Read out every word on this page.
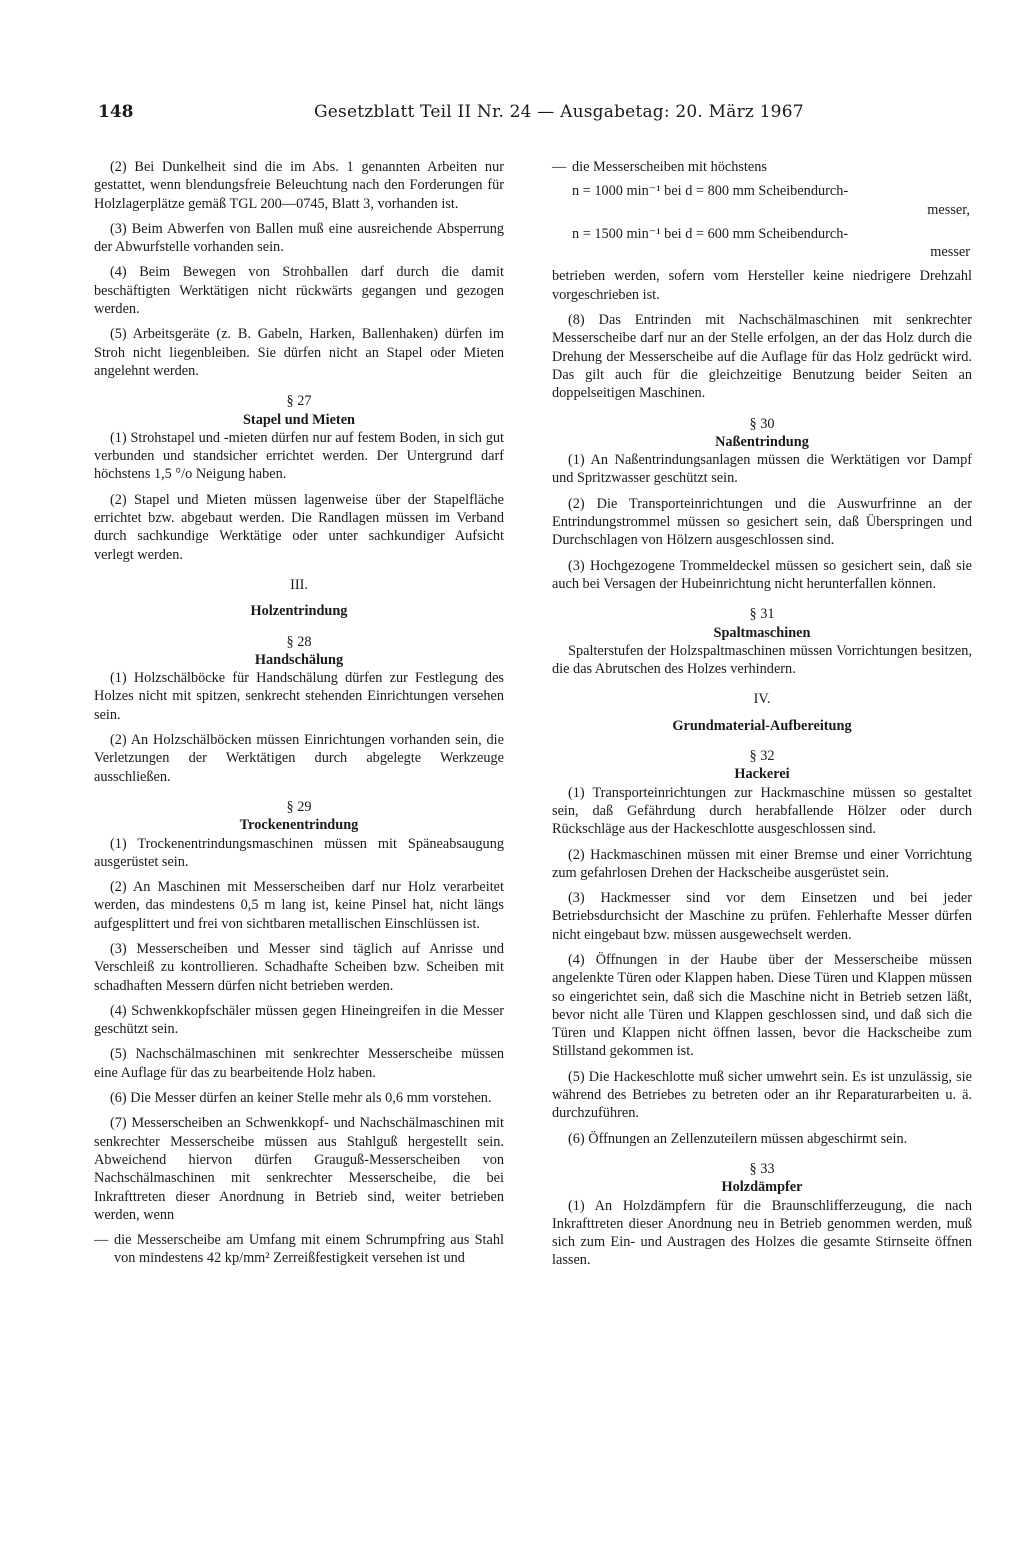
148	Gesetzblatt Teil II Nr. 24 — Ausgabetag: 20. März 1967

(2) Bei Dunkelheit sind die im Abs. 1 genannten Arbeiten nur gestattet, wenn blendungsfreie Beleuchtung nach den Forderungen für Holzlagerplätze gemäß TGL 200—0745, Blatt 3, vorhanden ist.

(3) Beim Abwerfen von Ballen muß eine ausreichende Absperrung der Abwurfstelle vorhanden sein.

(4) Beim Bewegen von Strohballen darf durch die damit beschäftigten Werktätigen nicht rückwärts gegangen und gezogen werden.

(5) Arbeitsgeräte (z. B. Gabeln, Harken, Ballenhaken) dürfen im Stroh nicht liegenbleiben. Sie dürfen nicht an Stapel oder Mieten angelehnt werden.

§ 27
Stapel und Mieten

(1) Strohstapel und -mieten dürfen nur auf festem Boden, in sich gut verbunden und standsicher errichtet werden. Der Untergrund darf höchstens 1,5 °/o Neigung haben.

(2) Stapel und Mieten müssen lagenweise über der Stapelfläche errichtet bzw. abgebaut werden. Die Randlagen müssen im Verband durch sachkundige Werktätige oder unter sachkundiger Aufsicht verlegt werden.

III.
Holzentrindung
§ 28
Handschälung

(1) Holzschälböcke für Handschälung dürfen zur Festlegung des Holzes nicht mit spitzen, senkrecht stehenden Einrichtungen versehen sein.

(2) An Holzschälböcken müssen Einrichtungen vorhanden sein, die Verletzungen der Werktätigen durch abgelegte Werkzeuge ausschließen.

§ 29
Trockenentrindung

(1) Trockenentrindungsmaschinen müssen mit Späneabsaugung ausgerüstet sein.

(2) An Maschinen mit Messerscheiben darf nur Holz verarbeitet werden, das mindestens 0,5 m lang ist, keine Pinsel hat, nicht längs aufgesplittert und frei von sichtbaren metallischen Einschlüssen ist.

(3) Messerscheiben und Messer sind täglich auf Anrisse und Verschleiß zu kontrollieren. Schadhafte Scheiben bzw. Scheiben mit schadhaften Messern dürfen nicht betrieben werden.

(4) Schwenkkopfschäler müssen gegen Hineingreifen in die Messer geschützt sein.

(5) Nachschälmaschinen mit senkrechter Messerscheibe müssen eine Auflage für das zu bearbeitende Holz haben.

(6) Die Messer dürfen an keiner Stelle mehr als 0,6 mm vorstehen.

(7) Messerscheiben an Schwenkkopf- und Nachschälmaschinen mit senkrechter Messerscheibe müssen aus Stahlguß hergestellt sein. Abweichend hiervon dürfen Grauguß-Messerscheiben von Nachschälmaschinen mit senkrechter Messerscheibe, die bei Inkrafttreten dieser Anordnung in Betrieb sind, weiter betrieben werden, wenn

— die Messerscheibe am Umfang mit einem Schrumpfring aus Stahl von mindestens 42 kp/mm² Zerreißfestigkeit versehen ist und
— die Messerscheiben mit höchstens
n = 1000 min⁻¹ bei d = 800 mm Scheibendurch-
messer,
n = 1500 min⁻¹ bei d = 600 mm Scheibendurch-
messer

betrieben werden, sofern vom Hersteller keine niedrigere Drehzahl vorgeschrieben ist.

(8) Das Entrinden mit Nachschälmaschinen mit senkrechter Messerscheibe darf nur an der Stelle erfolgen, an der das Holz durch die Drehung der Messerscheibe auf die Auflage für das Holz gedrückt wird. Das gilt auch für die gleichzeitige Benutzung beider Seiten an doppelseitigen Maschinen.

§ 30
Naßentrindung

(1) An Naßentrindungsanlagen müssen die Werktätigen vor Dampf und Spritzwasser geschützt sein.

(2) Die Transporteinrichtungen und die Auswurfrinne an der Entrindungstrommel müssen so gesichert sein, daß Überspringen und Durchschlagen von Hölzern ausgeschlossen sind.

(3) Hochgezogene Trommeldeckel müssen so gesichert sein, daß sie auch bei Versagen der Hubeinrichtung nicht herunterfallen können.

§ 31
Spaltmaschinen

Spalterstufen der Holzspaltmaschinen müssen Vorrichtungen besitzen, die das Abrutschen des Holzes verhindern.

IV.
Grundmaterial-Aufbereitung
§ 32
Hackerei

(1) Transporteinrichtungen zur Hackmaschine müssen so gestaltet sein, daß Gefährdung durch herabfallende Hölzer oder durch Rückschläge aus der Hackeschlotte ausgeschlossen sind.

(2) Hackmaschinen müssen mit einer Bremse und einer Vorrichtung zum gefahrlosen Drehen der Hackscheibe ausgerüstet sein.

(3) Hackmesser sind vor dem Einsetzen und bei jeder Betriebsdurchsicht der Maschine zu prüfen. Fehlerhafte Messer dürfen nicht eingebaut bzw. müssen ausgewechselt werden.

(4) Öffnungen in der Haube über der Messerscheibe müssen angelenkte Türen oder Klappen haben. Diese Türen und Klappen müssen so eingerichtet sein, daß sich die Maschine nicht in Betrieb setzen läßt, bevor nicht alle Türen und Klappen geschlossen sind, und daß sich die Türen und Klappen nicht öffnen lassen, bevor die Hackscheibe zum Stillstand gekommen ist.

(5) Die Hackeschlotte muß sicher umwehrt sein. Es ist unzulässig, sie während des Betriebes zu betreten oder an ihr Reparaturarbeiten u. ä. durchzuführen.

(6) Öffnungen an Zellenzuteilern müssen abgeschirmt sein.

§ 33
Holzdämpfer

(1) An Holzdämpfern für die Braunschlifferzeugung, die nach Inkrafttreten dieser Anordnung neu in Betrieb genommen werden, muß sich zum Ein- und Austragen des Holzes die gesamte Stirnseite öffnen lassen.
